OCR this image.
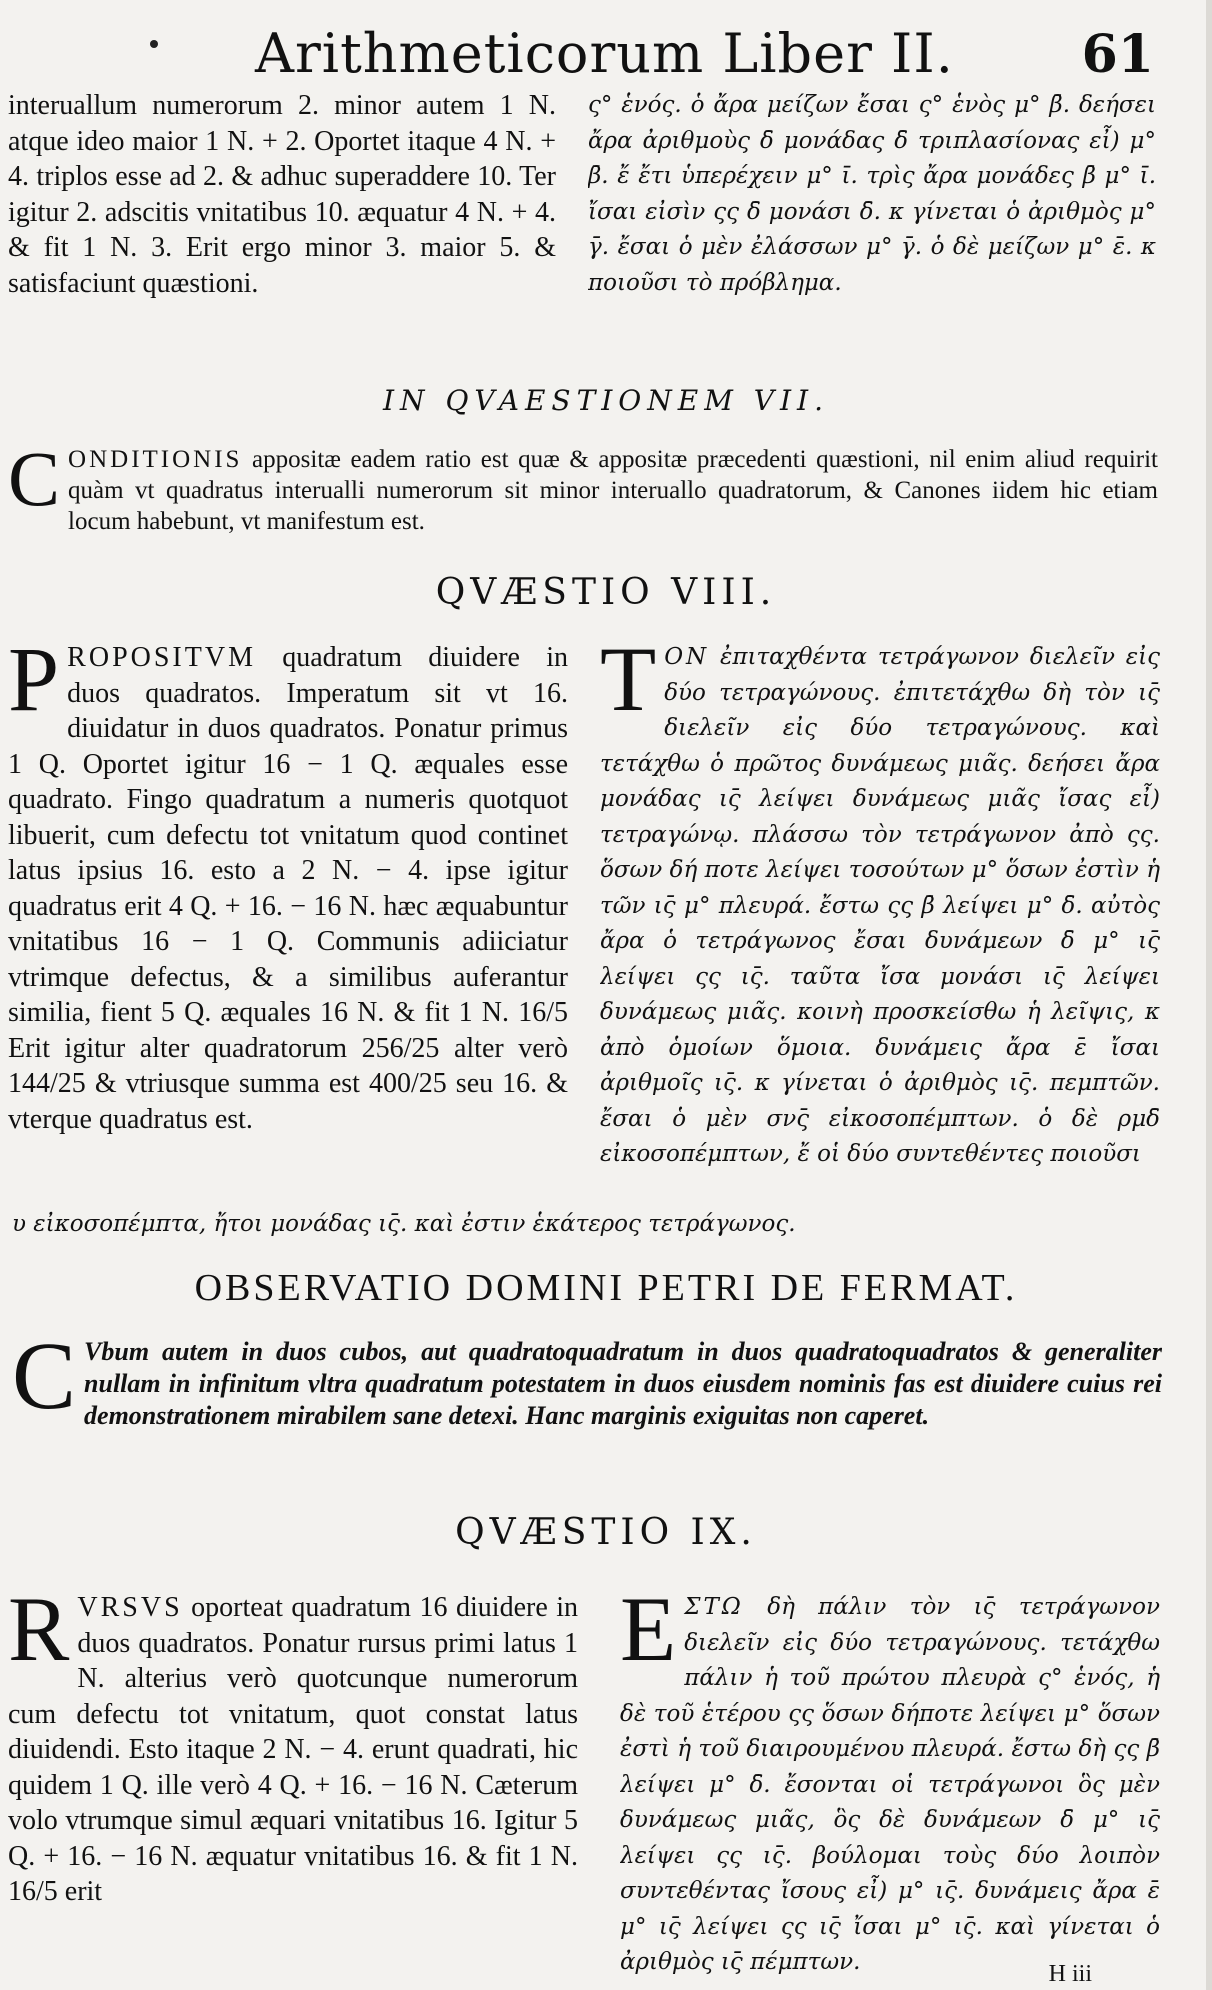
Arithmeticorum Liber II. 61

interuallum numerorum 2. minor autem 1 N. atque ideo maior 1 N. + 2. Oportet itaque 4 N. + 4. triplos esse ad 2. & adhuc superaddere 10. Ter igitur 2. adscitis vnitatibus 10. æquatur 4 N. + 4. & fit 1 N. 3. Erit ergo minor 3. maior 5. & satisfaciunt quæstioni.

ς° ἑνός. ὁ ἄρα μείζων ἔσαι ς° ἑνὸς μ° β̄. δεήσει ἄρα ἀριθμοὺς δ̄ μονάδας δ̄ τριπλασίονας εἶ) μ° β̄. ἔ ἔτι ὑπερέχειν μ° ῑ. τρὶς ἄρα μονάδες β̄ μ° ῑ. ἴσαι εἰσὶν ςς δ̄ μονάσι δ̄. κ γίνεται ὁ ἀριθμὸς μ° γ̄. ἔσαι ὁ μὲν ἐλάσσων μ° γ̄. ὁ δὲ μείζων μ° ε̄. κ ποιοῦσι τὸ πρόβλημα.

IN QVAESTIONEM VII.
C ONDITIONIS appositæ eadem ratio est quæ & appositæ præcedenti quæstioni, nil enim aliud requirit quàm vt quadratus interualli numerorum sit minor interuallo quadratorum, & Canones iidem hic etiam locum habebunt, vt manifestum est.
QVÆSTIO VIII.

P ROPOSITVM quadratum diuidere in duos quadratos. Imperatum sit vt 16. diuidatur in duos quadratos. Ponatur primus 1 Q. Oportet igitur 16 − 1 Q. æquales esse quadrato. Fingo quadratum a numeris quotquot libuerit, cum defectu tot vnitatum quod continet latus ipsius 16. esto a 2 N. − 4. ipse igitur quadratus erit 4 Q. + 16. − 16 N. hæc æquabuntur vnitatibus 16 − 1 Q. Communis adiiciatur vtrimque defectus, & a similibus auferantur similia, fient 5 Q. æquales 16 N. & fit 1 N. 16/5 Erit igitur alter quadratorum 256/25 alter verò 144/25 & vtriusque summa est 400/25 seu 16. & vterque quadratus est.

T ΟΝ ἐπιταχθέντα τετράγωνον διελεῖν εἰς δύο τετραγώνους. ἐπιτετάχθω δὴ τὸν ις̄ διελεῖν εἰς δύο τετραγώνους. καὶ τετάχθω ὁ πρῶτος δυνάμεως μιᾶς. δεήσει ἄρα μονάδας ις̄ λείψει δυνάμεως μιᾶς ἴσας εἶ) τετραγώνῳ. πλάσσω τὸν τετράγωνον ἀπὸ ςς. ὅσων δή ποτε λείψει τοσούτων μ° ὅσων ἐστὶν ἡ τῶν ις̄ μ° πλευρά. ἔστω ςς β̄ λείψει μ° δ̄. αὐτὸς ἄρα ὁ τετράγωνος ἔσαι δυνάμεων δ̄ μ° ις̄ λείψει ςς ις̄. ταῦτα ἴσα μονάσι ις̄ λείψει δυνάμεως μιᾶς. κοινὴ προσκείσθω ἡ λεῖψις, κ ἀπὸ ὁμοίων ὅμοια. δυνάμεις ἄρα ε̄ ἴσαι ἀριθμοῖς ις̄. κ γίνεται ὁ ἀριθμὸς ις̄. πεμπτῶν. ἔσαι ὁ μὲν σνς̄ εἰκοσοπέμπτων. ὁ δὲ ρμδ̄ εἰκοσοπέμπτων, ἔ οἱ δύο συντεθέντες ποιοῦσι

υ εἰκοσοπέμπτα, ἤτοι μονάδας ις̄. καὶ ἐστιν ἑκάτερος τετράγωνος.
OBSERVATIO DOMINI PETRI DE FERMAT.
C Vbum autem in duos cubos, aut quadratoquadratum in duos quadratoquadratos & generaliter nullam in infinitum vltra quadratum potestatem in duos eiusdem nominis fas est diuidere cuius rei demonstrationem mirabilem sane detexi. Hanc marginis exiguitas non caperet.
QVÆSTIO IX.

R VRSVS oporteat quadratum 16 diuidere in duos quadratos. Ponatur rursus primi latus 1 N. alterius verò quotcunque numerorum cum defectu tot vnitatum, quot constat latus diuidendi. Esto itaque 2 N. − 4. erunt quadrati, hic quidem 1 Q. ille verò 4 Q. + 16. − 16 N. Cæterum volo vtrumque simul æquari vnitatibus 16. Igitur 5 Q. + 16. − 16 N. æquatur vnitatibus 16. & fit 1 N. 16/5 erit

E ΣΤΩ δὴ πάλιν τὸν ις̄ τετράγωνον διελεῖν εἰς δύο τετραγώνους. τετάχθω πάλιν ἡ τοῦ πρώτου πλευρὰ ς° ἑνός, ἡ δὲ τοῦ ἑτέρου ςς ὅσων δήποτε λείψει μ° ὅσων ἐστὶ ἡ τοῦ διαιρουμένου πλευρά. ἔστω δὴ ςς β̄ λείψει μ° δ̄. ἔσονται οἱ τετράγωνοι ὃς μὲν δυνάμεως μιᾶς, ὃς δὲ δυνάμεων δ̄ μ° ις̄ λείψει ςς ις̄. βούλομαι τοὺς δύο λοιπὸν συντεθέντας ἴσους εἶ) μ° ις̄. δυνάμεις ἄρα ε̄ μ° ις̄ λείψει ςς ις̄ ἴσαι μ° ις̄. καὶ γίνεται ὁ ἀριθμὸς ις̄ πέμπτων.	H iii
